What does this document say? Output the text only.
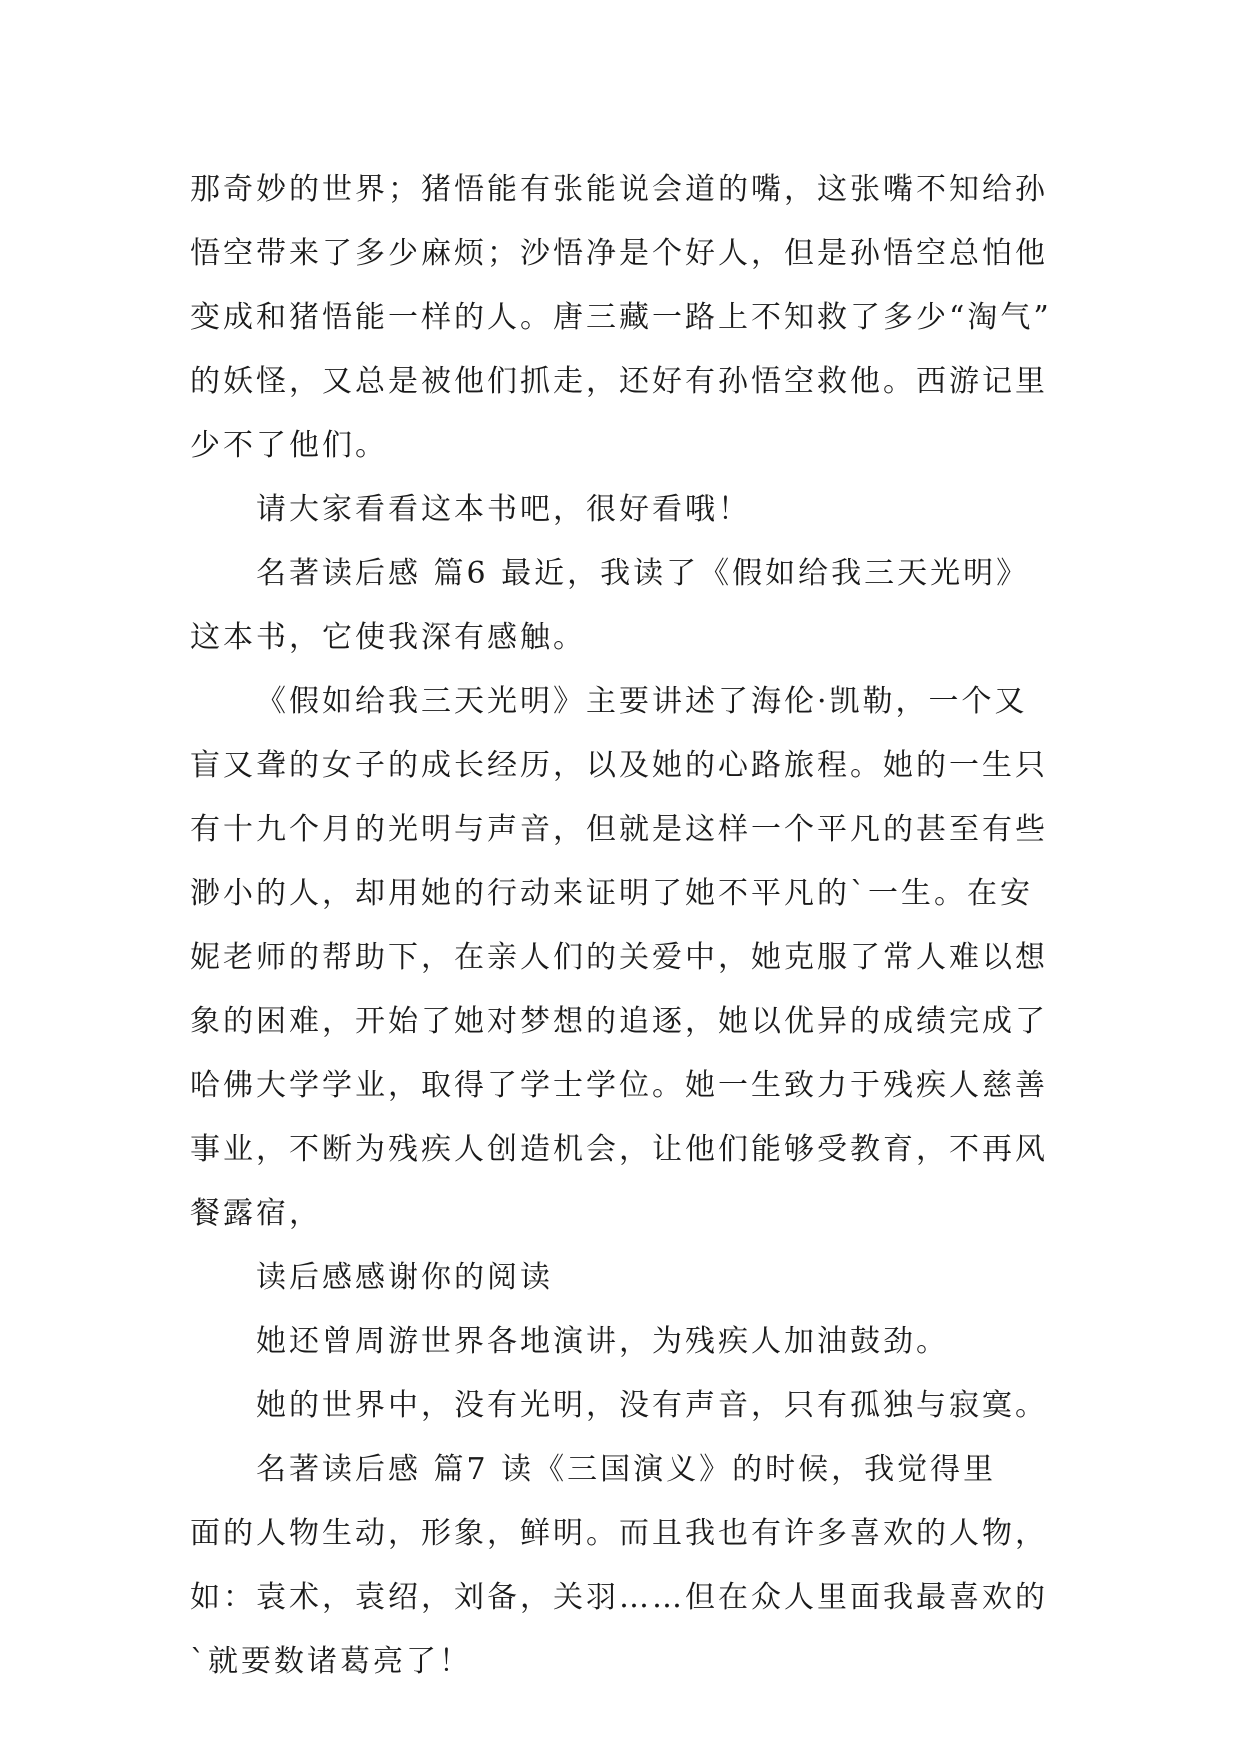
那奇妙的世界；猪悟能有张能说会道的嘴，这张嘴不知给孙
悟空带来了多少麻烦；沙悟净是个好人，但是孙悟空总怕他
变成和猪悟能一样的人。唐三藏一路上不知救了多少“淘气”
的妖怪，又总是被他们抓走，还好有孙悟空救他。西游记里
少不了他们。
请大家看看这本书吧，很好看哦！
名著读后感 篇6 最近，我读了《假如给我三天光明》
这本书，它使我深有感触。
《假如给我三天光明》主要讲述了海伦·凯勒，一个又
盲又聋的女子的成长经历，以及她的心路旅程。她的一生只
有十九个月的光明与声音，但就是这样一个平凡的甚至有些
渺小的人，却用她的行动来证明了她不平凡的`一生。在安
妮老师的帮助下，在亲人们的关爱中，她克服了常人难以想
象的困难，开始了她对梦想的追逐，她以优异的成绩完成了
哈佛大学学业，取得了学士学位。她一生致力于残疾人慈善
事业，不断为残疾人创造机会，让他们能够受教育，不再风
餐露宿，
读后感感谢你的阅读
她还曾周游世界各地演讲，为残疾人加油鼓劲。
她的世界中，没有光明，没有声音，只有孤独与寂寞。
名著读后感 篇7 读《三国演义》的时候，我觉得里
面的人物生动，形象，鲜明。而且我也有许多喜欢的人物，
如：袁术，袁绍，刘备，关羽……但在众人里面我最喜欢的
`就要数诸葛亮了！
